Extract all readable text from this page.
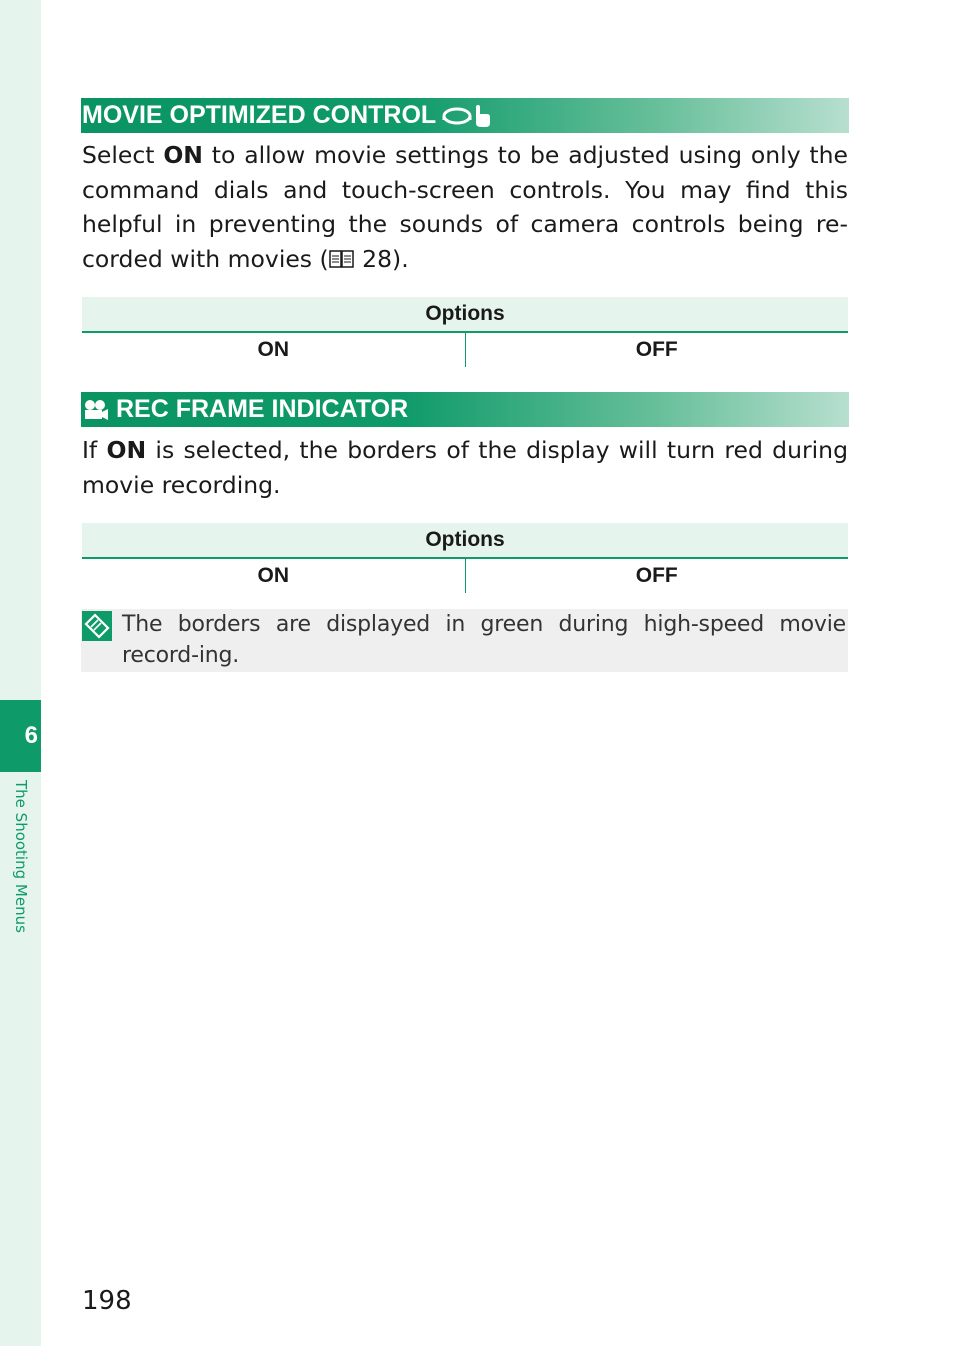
6
The Shooting Menus
MOVIE OPTIMIZED CONTROL

Select ON to allow movie settings to be adjusted using only the command dials and touch-screen controls. You may find this helpful in preventing the sounds of camera controls being re-corded with movies ( 28).

Options
ON	OFF
REC FRAME INDICATOR

If ON is selected, the borders of the display will turn red during movie recording.

Options
ON	OFF
The borders are displayed in green during high-speed movie record-ing.
198
